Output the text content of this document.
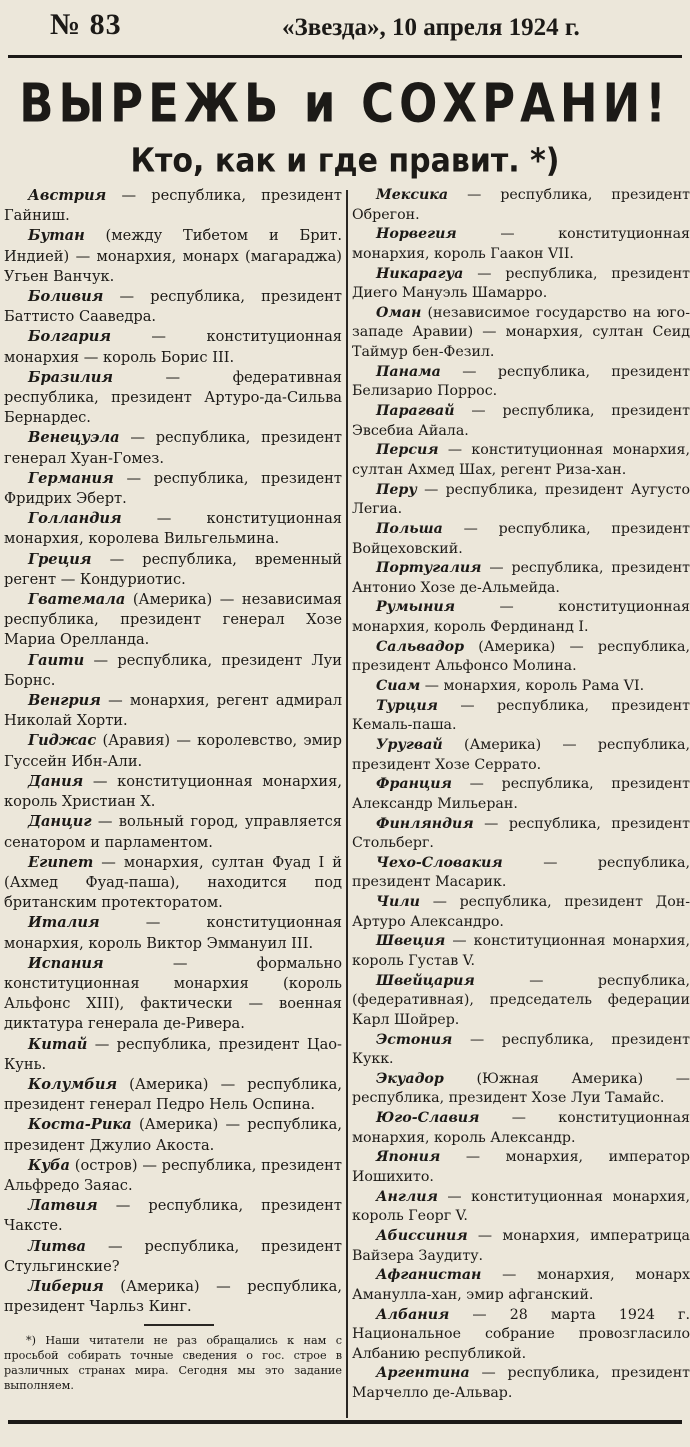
№ 83	«Звезда», 10 апреля 1924 г.
ВЫРЕЖЬ и СОХРАНИ!
Кто, как и где правит. *)

Австрия — республика, президент Гайниш.

Бутан (между Тибетом и Брит. Индией) — монархия, монарх (магараджа) Угьен Ванчук.

Боливия — республика, президент Баттисто Сааведра.

Болгария — конституционная монархия — король Борис III.

Бразилия — федеративная республика, президент Артуро-да-Сильва Бернардес.

Венецуэла — республика, президент генерал Хуан-Гомез.

Германия — республика, президент Фридрих Эберт.

Голландия — конституционная монархия, королева Вильгельмина.

Греция — республика, временный регент — Кондуриотис.

Гватемала (Америка) — независимая республика, президент генерал Хозе Мариа Орелланда.

Гаити — республика, президент Луи Борнс.

Венгрия — монархия, регент адмирал Николай Хорти.

Гиджас (Аравия) — королевство, эмир Гуссейн Ибн-Али.

Дания — конституционная монархия, король Христиан X.

Данциг — вольный город, управляется сенатором и парламентом.

Египет — монархия, султан Фуад I й (Ахмед Фуад-паша), находится под британским протекторатом.

Италия — конституционная монархия, король Виктор Эммануил III.

Испания — формально конституционная монархия (король Альфонс XIII), фактически — военная диктатура генерала де-Ривера.

Китай — республика, президент Цао-Кунь.

Колумбия (Америка) — республика, президент генерал Педро Нель Оспина.

Коста-Рика (Америка) — республика, президент Джулио Акоста.

Куба (остров) — республика, президент Альфредо Заяас.

Латвия — республика, президент Чаксте.

Литва — республика, президент Стульгинские?

Либерия (Америка) — республика, президент Чарльз Кинг.

*) Наши читатели не раз обращались к нам с просьбой собирать точные сведения о гос. строе в различных странах мира. Сегодня мы это задание выполняем.

Мексика — республика, президент Обрегон.

Норвегия — конституционная монархия, король Гаакон VII.

Никарагуа — республика, президент Диего Мануэль Шамарро.

Оман (независимое государство на юго-западе Аравии) — монархия, султан Сеид Таймур бен-Фезил.

Панама — республика, президент Белизарио Поррос.

Парагвай — республика, президент Эвсебиа Айала.

Персия — конституционная монархия, султан Ахмед Шах, регент Риза-хан.

Перу — республика, президент Аугусто Легиа.

Польша — республика, президент Войцеховский.

Португалия — республика, президент Антонио Хозе де-Альмейда.

Румыния — конституционная монархия, король Фердинанд I.

Сальвадор (Америка) — республика, президент Альфонсо Молина.

Сиам — монархия, король Рама VI.

Турция — республика, президент Кемаль-паша.

Уругвай (Америка) — республика, президент Хозе Серрато.

Франция — республика, президент Александр Мильеран.

Финляндия — республика, президент Стольберг.

Чехо-Словакия — республика, президент Масарик.

Чили — республика, президент Дон-Артуро Александро.

Швеция — конституционная монархия, король Густав V.

Швейцария — республика, (федеративная), председатель федерации Карл Шойрер.

Эстония — республика, президент Кукк.

Экуадор (Южная Америка) — республика, президент Хозе Луи Тамайс.

Юго-Славия — конституционная монархия, король Александр.

Япония — монархия, император Иошихито.

Англия — конституционная монархия, король Георг V.

Абиссиния — монархия, императрица Вайзера Заудиту.

Афганистан — монархия, монарх Аманулла-хан, эмир афганский.

Албания — 28 марта 1924 г. Национальное собрание провозгласило Албанию республикой.

Аргентина — республика, президент Марчелло де-Альвар.
